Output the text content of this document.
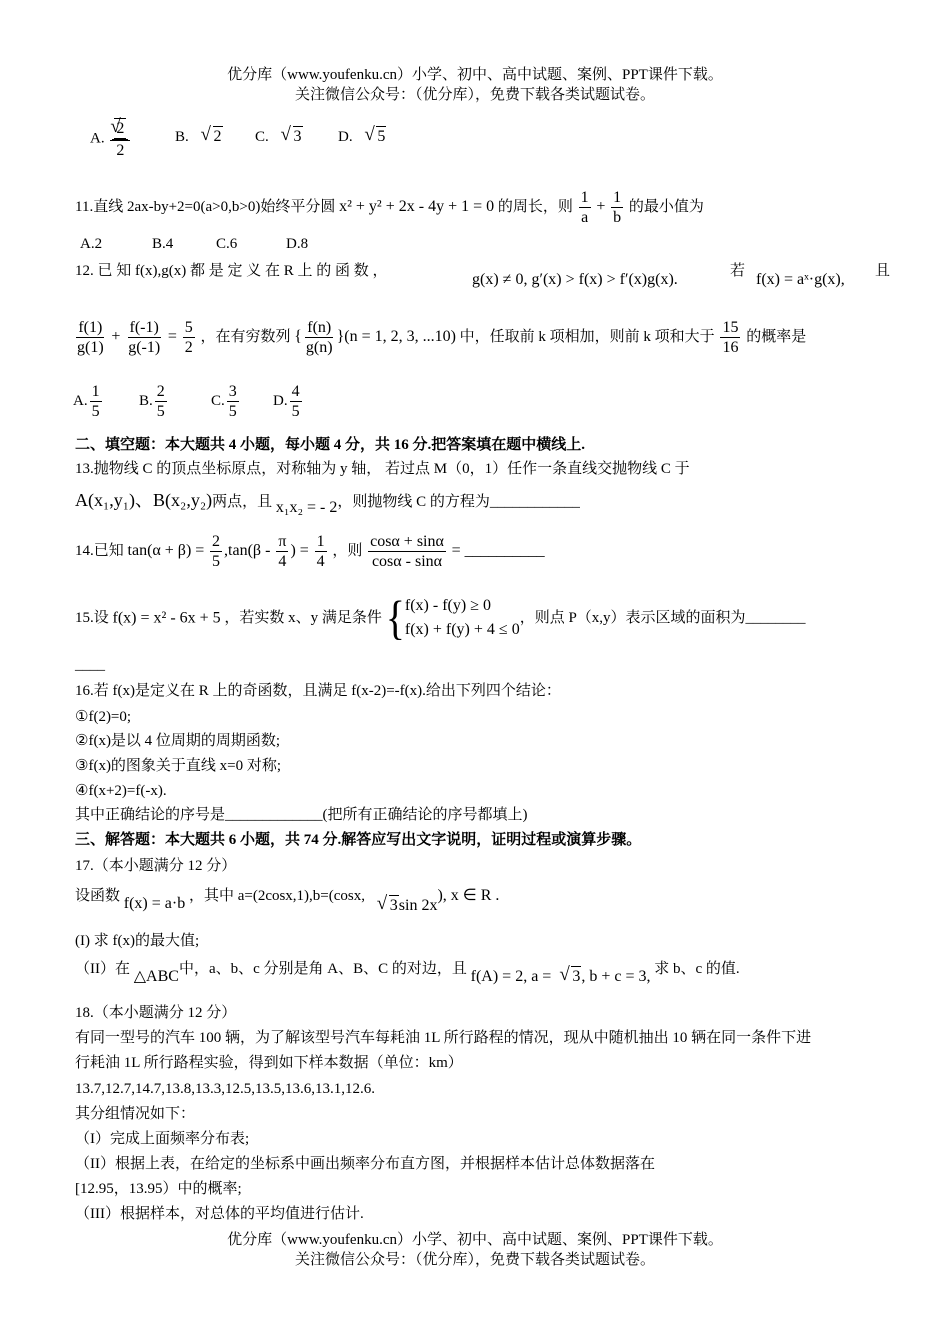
优分库（www.youfenku.cn）小学、初中、高中试题、案例、PPT课件下载。
关注微信公众号：（优分库），免费下载各类试题试卷。
A. √ $\frac{2}{2}$	B. √ 2 C. √ 3 D. √ 5
11.直线 2ax-by+2=0(a>0,b>0)始终平分圆 x² + y² + 2x - 4y + 1 = 0 的周长，则 $\frac{1}{a} + \frac{1}{b}$ 的最小值为
A.2	B.4	C.6	D.8
12. 已 知 f(x),g(x) 都 是 定 义 在 R 上 的 函 数 ，	g(x) ≠ 0, g′(x) > f(x) > f′(x)g(x).	若 f(x) = aˣ·g(x), 且
$\frac{f(1)}{g(1)} + \frac{f(-1)}{g(-1)} = \frac{5}{2}$ ，在有穷数列 { $\frac{f(n)}{g(n)} \}(n = 1$, 2, 3, ...10) 中，任取前 k 项相加，则前 k 项和大于 $\frac{15}{16}$ 的概率是
A. $\frac{1}{5} B$. $\frac{2}{5}$	C. $\frac{3}{5} D$. $\frac{4}{5}$
二、填空题：本大题共 4 小题，每小题 4 分，共 16 分.把答案填在题中横线上.
13.抛物线 C 的顶点坐标原点，对称轴为 y 轴， 若过点 M（0，1）任作一条直线交抛物线 C 于
A(x₁,y₁)、B(x₂,y₂)两点，且 x₁x₂ = - 2，则抛物线 C 的方程为____________
14.已知 $\tan(\alpha + \beta) = \frac{2}{5} ,\tan(\beta - \frac{\pi}{4}$ ) = $\frac{1}{4}$ ，则 $\frac{\cos\alpha + \sin\alpha}{\cos\alpha - \sin\alpha}$ = __________
15.设 f(x) = x² - 6x + 5 ，若实数 x、y 满足条件 { f(x) - f(y) ≥ 0
f(x) + f(y) + 4 ≤ 0
，则点 P（x,y）表示区域的面积为________
____
16.若 f(x)是定义在 R 上的奇函数，且满足 f(x-2)=-f(x).给出下列四个结论：
①f(2)=0;
②f(x)是以 4 位周期的周期函数;
③f(x)的图象关于直线 x=0 对称;
④f(x+2)=f(-x).
其中正确结论的序号是_____________(把所有正确结论的序号都填上)
三、解答题：本大题共 6 小题，共 74 分.解答应写出文字说明，证明过程或演算步骤。
17.（本小题满分 12 分）
设函数 f(x) = a·b ，其中 a=(2cosx,1),b=(cosx, √ 3sin 2x), x ∈ R .
(I) 求 f(x)的最大值;
（II）在 △ABC中，a、b、c 分别是角 A、B、C 的对边，且 f(A) = 2, a = √ 3, b + c = 3, 求 b、c 的值.
18.（本小题满分 12 分）
有同一型号的汽车 100 辆，为了解该型号汽车每耗油 1L 所行路程的情况，现从中随机抽出 10 辆在同一条件下进
行耗油 1L 所行路程实验，得到如下样本数据（单位：km）
13.7,12.7,14.7,13.8,13.3,12.5,13.5,13.6,13.1,12.6.
其分组情况如下：
（I）完成上面频率分布表;
（II）根据上表，在给定的坐标系中画出频率分布直方图，并根据样本估计总体数据落在
[12.95，13.95）中的概率;
（III）根据样本，对总体的平均值进行估计.
优分库（www.youfenku.cn）小学、初中、高中试题、案例、PPT课件下载。
关注微信公众号：（优分库），免费下载各类试题试卷。
